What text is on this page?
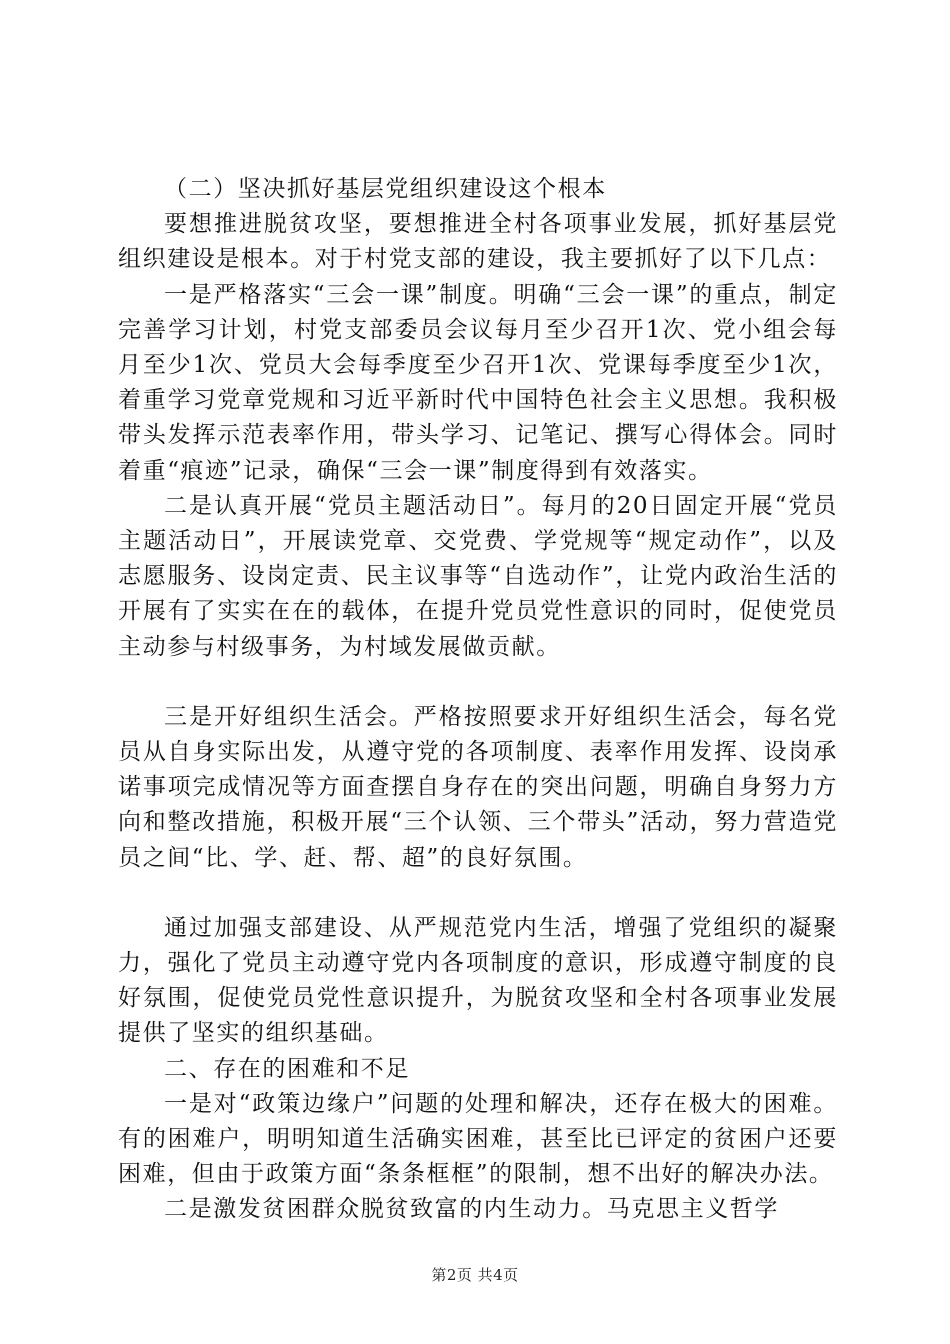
（二）坚决抓好基层党组织建设这个根本

要想推进脱贫攻坚，要想推进全村各项事业发展，抓好基层党组织建设是根本。对于村党支部的建设，我主要抓好了以下几点：

一是严格落实“三会一课”制度。明确“三会一课”的重点，制定完善学习计划，村党支部委员会议每月至少召开1次、党小组会每月至少1次、党员大会每季度至少召开1次、党课每季度至少1次，着重学习党章党规和习近平新时代中国特色社会主义思想。我积极带头发挥示范表率作用，带头学习、记笔记、撰写心得体会。同时着重“痕迹”记录，确保“三会一课”制度得到有效落实。

二是认真开展“党员主题活动日”。每月的20日固定开展“党员主题活动日”，开展读党章、交党费、学党规等“规定动作”，以及志愿服务、设岗定责、民主议事等“自选动作”，让党内政治生活的开展有了实实在在的载体，在提升党员党性意识的同时，促使党员主动参与村级事务，为村域发展做贡献。

三是开好组织生活会。严格按照要求开好组织生活会，每名党员从自身实际出发，从遵守党的各项制度、表率作用发挥、设岗承诺事项完成情况等方面查摆自身存在的突出问题，明确自身努力方向和整改措施，积极开展“三个认领、三个带头”活动，努力营造党员之间“比、学、赶、帮、超”的良好氛围。

通过加强支部建设、从严规范党内生活，增强了党组织的凝聚力，强化了党员主动遵守党内各项制度的意识，形成遵守制度的良好氛围，促使党员党性意识提升，为脱贫攻坚和全村各项事业发展提供了坚实的组织基础。

二、存在的困难和不足

一是对“政策边缘户”问题的处理和解决，还存在极大的困难。有的困难户，明明知道生活确实困难，甚至比已评定的贫困户还要困难，但由于政策方面“条条框框”的限制，想不出好的解决办法。

二是激发贫困群众脱贫致富的内生动力。马克思主义哲学

第2页 共4页
